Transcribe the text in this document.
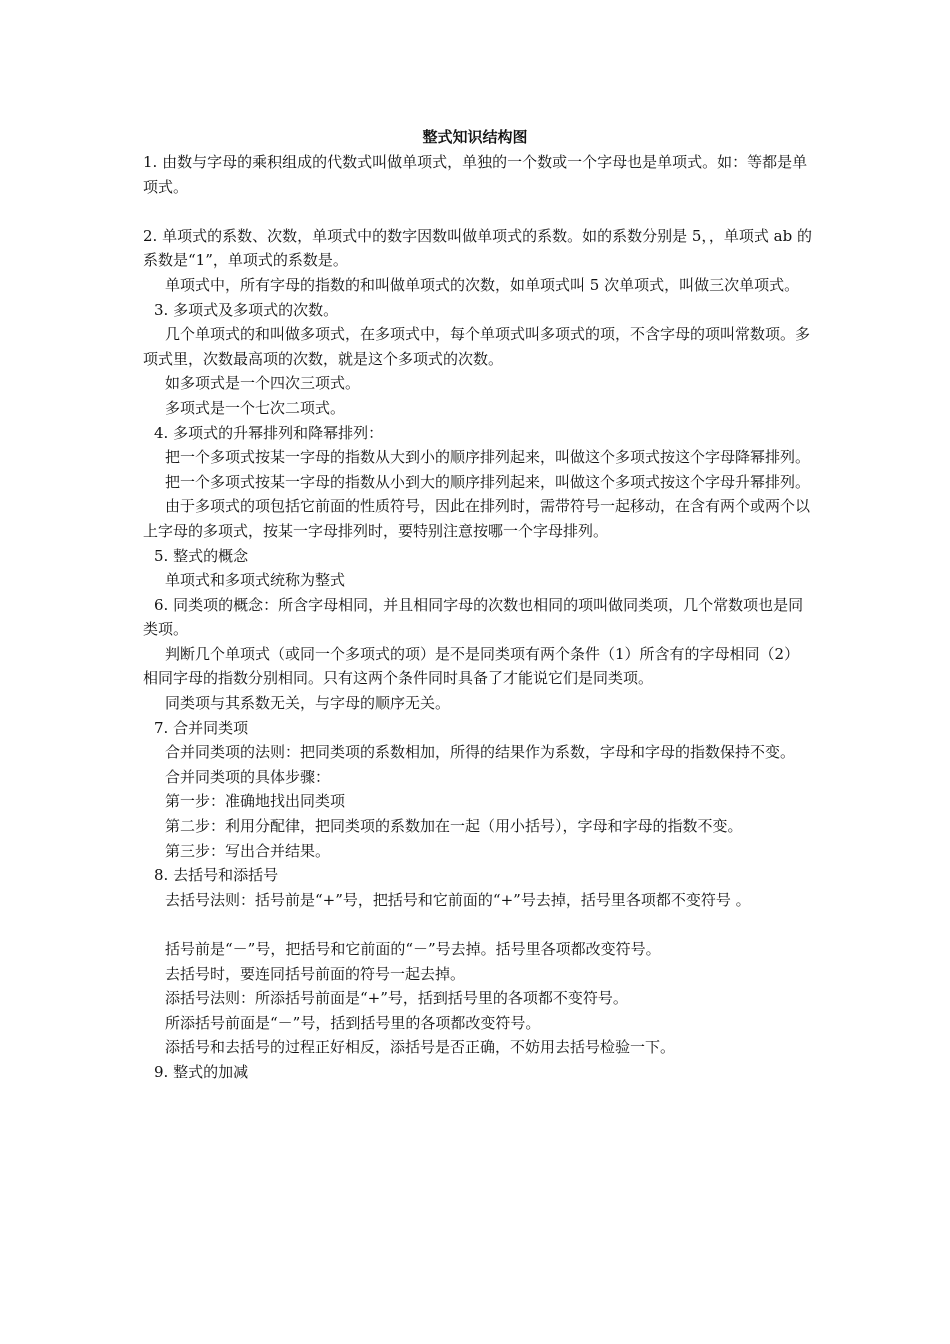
整式知识结构图

1. 由数与字母的乘积组成的代数式叫做单项式，单独的一个数或一个字母也是单项式。如：等都是单项式。

2. 单项式的系数、次数，单项式中的数字因数叫做单项式的系数。如的系数分别是 5，，单项式 ab 的系数是“1”，单项式的系数是。

单项式中，所有字母的指数的和叫做单项式的次数，如单项式叫 5 次单项式，叫做三次单项式。

3. 多项式及多项式的次数。

几个单项式的和叫做多项式，在多项式中，每个单项式叫多项式的项，不含字母的项叫常数项。多项式里，次数最高项的次数，就是这个多项式的次数。

如多项式是一个四次三项式。

多项式是一个七次二项式。

4. 多项式的升幂排列和降幂排列：

把一个多项式按某一字母的指数从大到小的顺序排列起来，叫做这个多项式按这个字母降幂排列。

把一个多项式按某一字母的指数从小到大的顺序排列起来，叫做这个多项式按这个字母升幂排列。

由于多项式的项包括它前面的性质符号，因此在排列时，需带符号一起移动，在含有两个或两个以上字母的多项式，按某一字母排列时，要特别注意按哪一个字母排列。

5. 整式的概念

单项式和多项式统称为整式

6. 同类项的概念：所含字母相同，并且相同字母的次数也相同的项叫做同类项，几个常数项也是同类项。

判断几个单项式（或同一个多项式的项）是不是同类项有两个条件（1）所含有的字母相同（2）相同字母的指数分别相同。只有这两个条件同时具备了才能说它们是同类项。

同类项与其系数无关，与字母的顺序无关。

7. 合并同类项

合并同类项的法则：把同类项的系数相加，所得的结果作为系数，字母和字母的指数保持不变。

合并同类项的具体步骤：

第一步：准确地找出同类项

第二步：利用分配律，把同类项的系数加在一起（用小括号），字母和字母的指数不变。

第三步：写出合并结果。

8. 去括号和添括号

去括号法则：括号前是“+”号，把括号和它前面的“+”号去掉，括号里各项都不变符号 。

括号前是“－”号，把括号和它前面的“－”号去掉。括号里各项都改变符号。

去括号时，要连同括号前面的符号一起去掉。

添括号法则：所添括号前面是“+”号，括到括号里的各项都不变符号。

所添括号前面是“－”号，括到括号里的各项都改变符号。

添括号和去括号的过程正好相反，添括号是否正确，不妨用去括号检验一下。

9. 整式的加减
